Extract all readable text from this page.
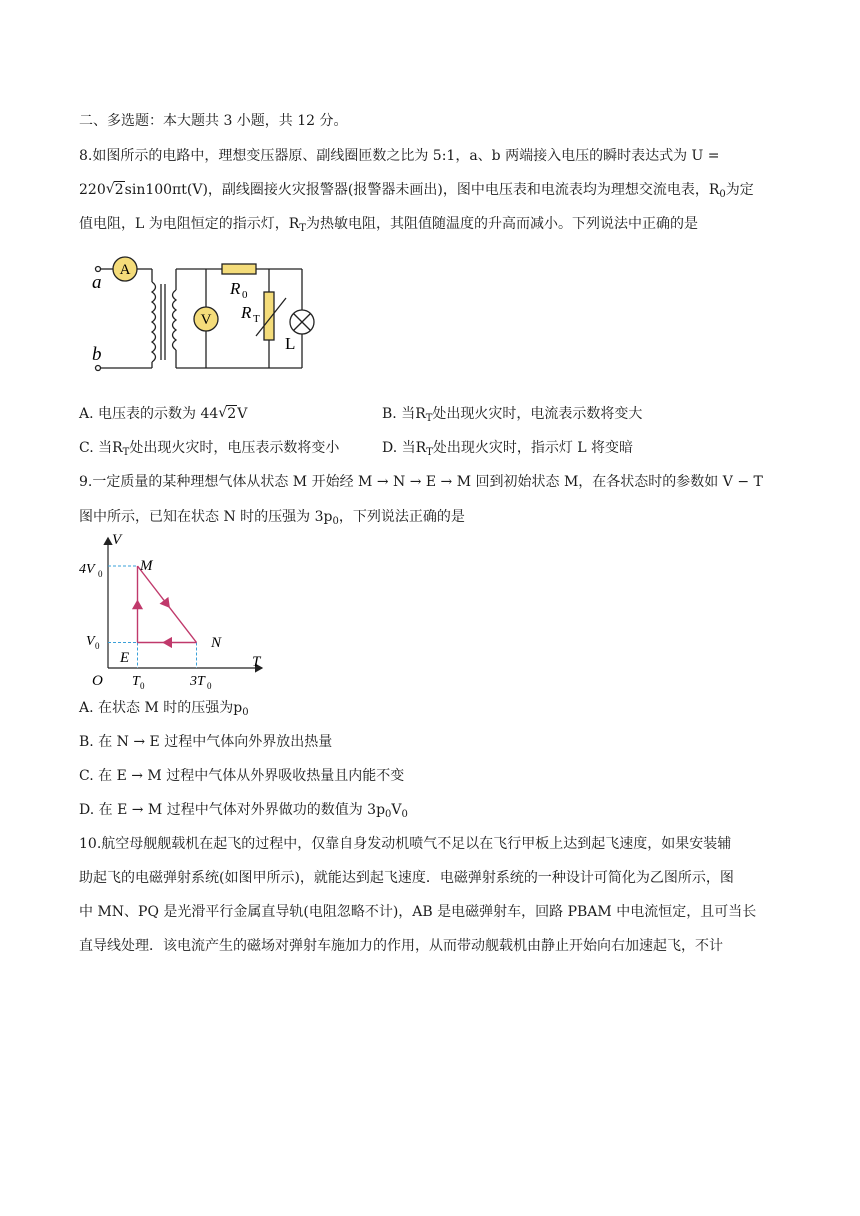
二、多选题：本大题共 3 小题，共 12 分。
8.如图所示的电路中，理想变压器原、副线圈匝数之比为 5:1，a、b 两端接入电压的瞬时表达式为 U =
220 √ 2sin100πt(V)，副线圈接火灾报警器(报警器未画出)，图中电压表和电流表均为理想交流电表，$R_0$为定
值电阻，L 为电阻恒定的指示灯，$R_T$为热敏电阻，其阻值随温度的升高而减小。下列说法中正确的是
A
V
a
b
R 0
R T
L
A. 电压表的示数为 44 √ 2V	B. 当$R_T$处出现火灾时，电流表示数将变大
C. 当$R_T$处出现火灾时，电压表示数将变小	D. 当$R_T$处出现火灾时，指示灯 L 将变暗
9.一定质量的某种理想气体从状态 M 开始经 M → N → E → M 回到初始状态 M，在各状态时的参数如 V − T
图中所示，已知在状态 N 时的压强为 $3p_0$，下列说法正确的是
V
T
O
4V 0
V 0
T 0	3T 0
M
N
E
A. 在状态 M 时的压强为$p_0$
B. 在 N → E 过程中气体向外界放出热量
C. 在 E → M 过程中气体从外界吸收热量且内能不变
D. 在 E → M 过程中气体对外界做功的数值为 $3p_0V_0$
10.航空母舰舰载机在起飞的过程中，仅靠自身发动机喷气不足以在飞行甲板上达到起飞速度，如果安装辅
助起飞的电磁弹射系统(如图甲所示)，就能达到起飞速度．电磁弹射系统的一种设计可简化为乙图所示，图
中 MN、PQ 是光滑平行金属直导轨(电阻忽略不计)，AB 是电磁弹射车，回路 PBAM 中电流恒定，且可当长
直导线处理．该电流产生的磁场对弹射车施加力的作用，从而带动舰载机由静止开始向右加速起飞，不计
